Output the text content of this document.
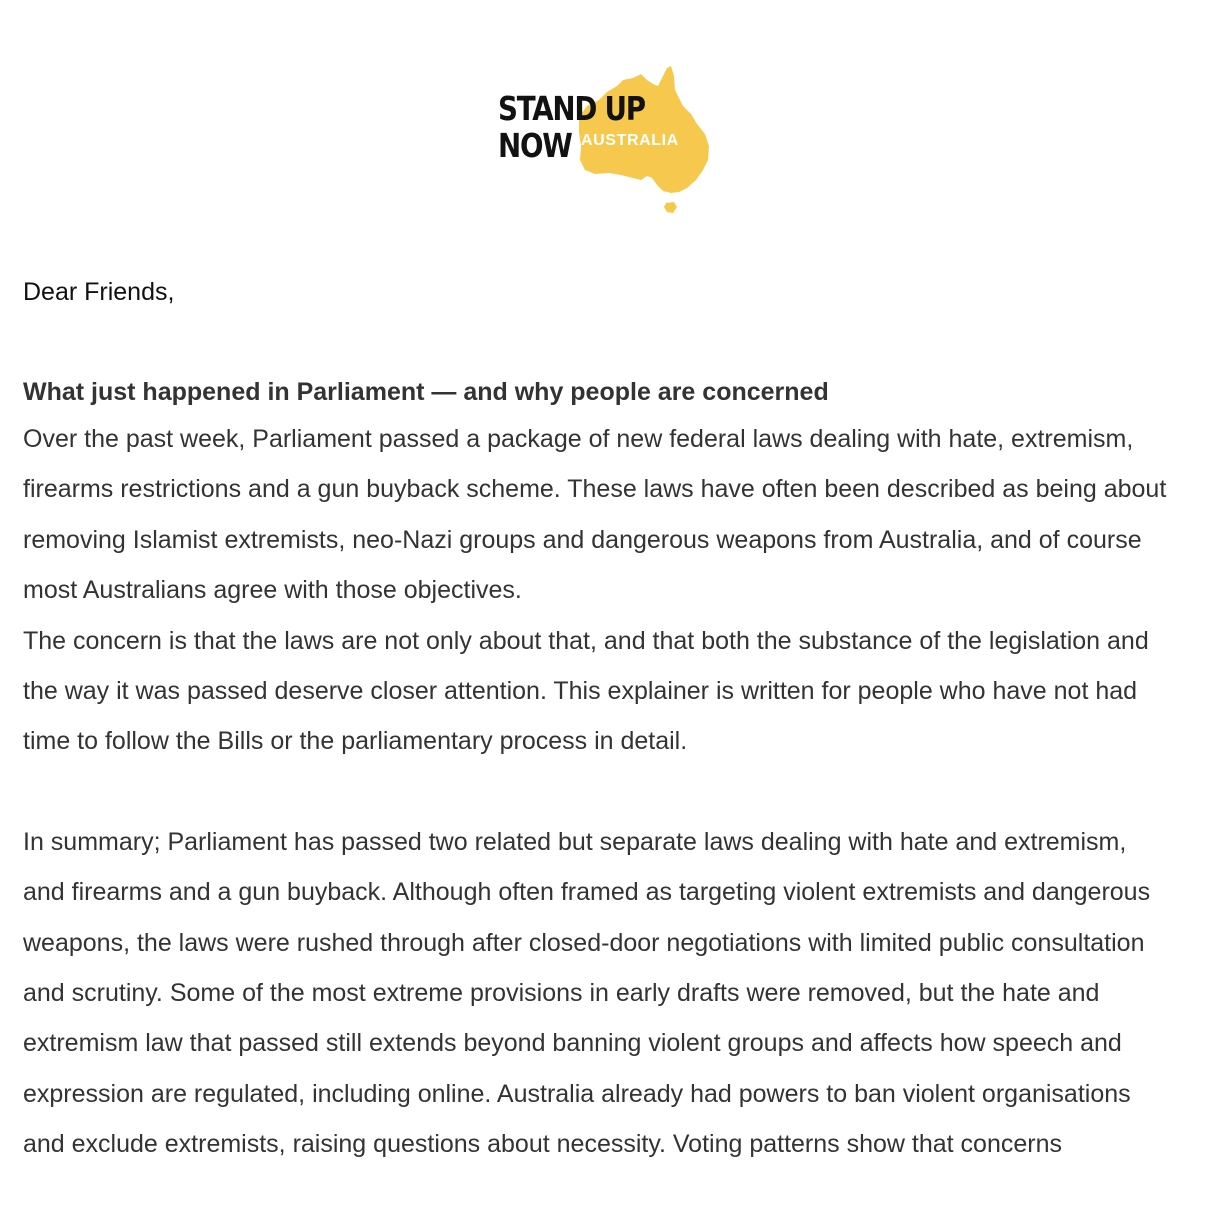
STAND UP
NOW AUSTRALIA

Dear Friends,

What just happened in Parliament — and why people are concerned

Over the past week, Parliament passed a package of new federal laws dealing with hate, extremism, firearms restrictions and a gun buyback scheme. These laws have often been described as being about removing Islamist extremists, neo-Nazi groups and dangerous weapons from Australia, and of course most Australians agree with those objectives.

The concern is that the laws are not only about that, and that both the substance of the legislation and the way it was passed deserve closer attention. This explainer is written for people who have not had time to follow the Bills or the parliamentary process in detail.

In summary; Parliament has passed two related but separate laws dealing with hate and extremism, and firearms and a gun buyback. Although often framed as targeting violent extremists and dangerous weapons, the laws were rushed through after closed-door negotiations with limited public consultation and scrutiny. Some of the most extreme provisions in early drafts were removed, but the hate and extremism law that passed still extends beyond banning violent groups and affects how speech and expression are regulated, including online. Australia already had powers to ban violent organisations and exclude extremists, raising questions about necessity. Voting patterns show that concerns
